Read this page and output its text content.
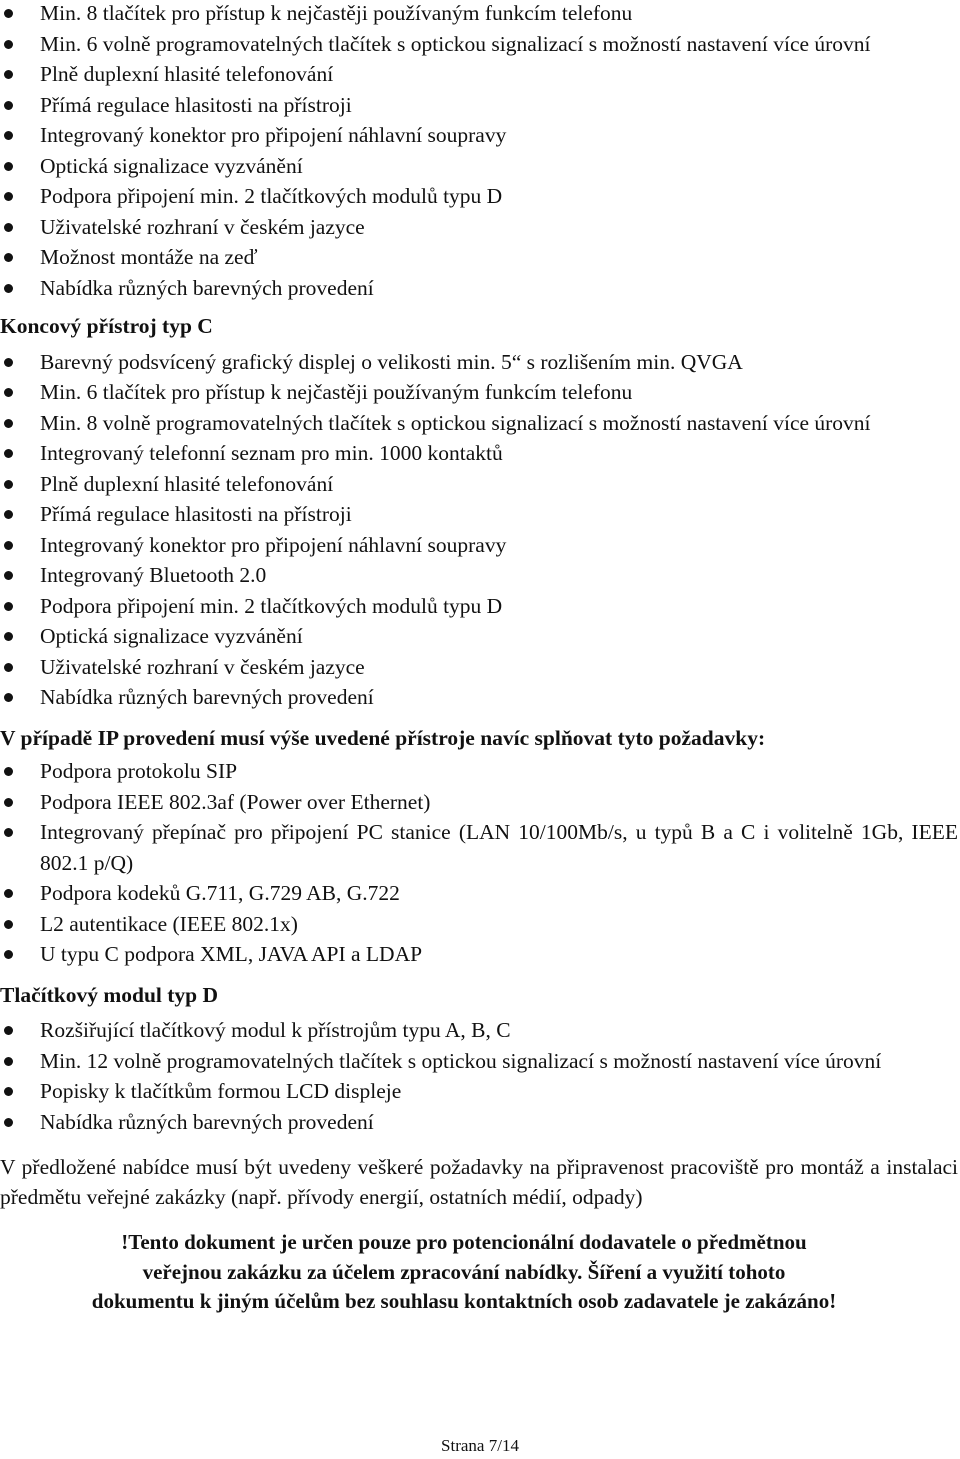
Min. 8 tlačítek pro přístup k nejčastěji používaným funkcím telefonu
Min. 6 volně programovatelných tlačítek s optickou signalizací s možností nastavení více úrovní
Plně duplexní hlasité telefonování
Přímá regulace hlasitosti na přístroji
Integrovaný konektor pro připojení náhlavní soupravy
Optická signalizace vyzvánění
Podpora připojení min. 2 tlačítkových modulů typu D
Uživatelské rozhraní v českém jazyce
Možnost montáže na zeď
Nabídka různých barevných provedení

Koncový přístroj typ C

Barevný podsvícený grafický displej o velikosti min. 5“ s rozlišením min. QVGA
Min. 6 tlačítek pro přístup k nejčastěji používaným funkcím telefonu
Min. 8 volně programovatelných tlačítek s optickou signalizací s možností nastavení více úrovní
Integrovaný telefonní seznam pro min. 1000 kontaktů
Plně duplexní hlasité telefonování
Přímá regulace hlasitosti na přístroji
Integrovaný konektor pro připojení náhlavní soupravy
Integrovaný Bluetooth 2.0
Podpora připojení min. 2 tlačítkových modulů typu D
Optická signalizace vyzvánění
Uživatelské rozhraní v českém jazyce
Nabídka různých barevných provedení

V případě IP provedení musí výše uvedené přístroje navíc splňovat tyto požadavky:

Podpora protokolu SIP
Podpora IEEE 802.3af (Power over Ethernet)
Integrovaný přepínač pro připojení PC stanice (LAN 10/100Mb/s, u typů B a C i volitelně 1Gb, IEEE 802.1 p/Q)
Podpora kodeků G.711, G.729 AB, G.722
L2 autentikace (IEEE 802.1x)
U typu C podpora XML, JAVA API a LDAP

Tlačítkový modul typ D

Rozšiřující tlačítkový modul k přístrojům typu A, B, C
Min. 12 volně programovatelných tlačítek s optickou signalizací s možností nastavení více úrovní
Popisky k tlačítkům formou LCD displeje
Nabídka různých barevných provedení

V předložené nabídce musí být uvedeny veškeré požadavky na připravenost pracoviště pro montáž a instalaci předmětu veřejné zakázky (např. přívody energií, ostatních médií, odpady)

!Tento dokument je určen pouze pro potencionální dodavatele o předmětnou
veřejnou zakázku za účelem zpracování nabídky. Šíření a využití tohoto
dokumentu k jiným účelům bez souhlasu kontaktních osob zadavatele je zakázáno!
Strana 7/14
